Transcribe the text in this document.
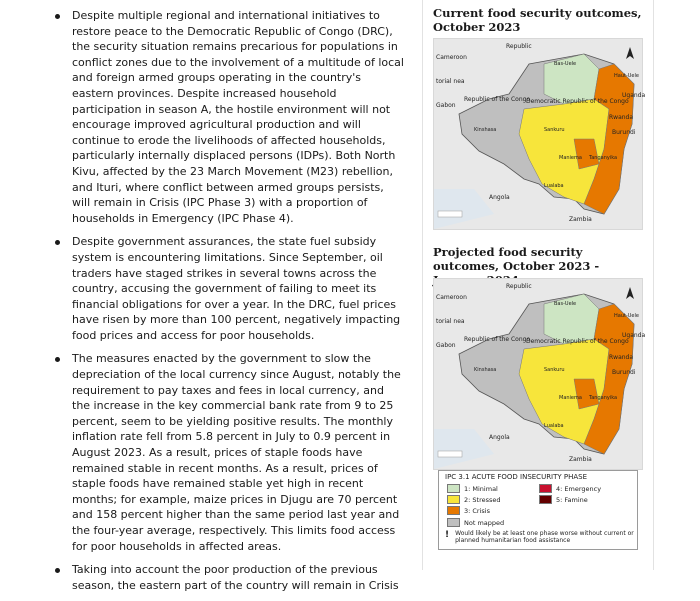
Despite multiple regional and international initiatives to restore peace to the Democratic Republic of Congo (DRC), the security situation remains precarious for populations in conflict zones due to the involvement of a multitude of local and foreign armed groups operating in the country's eastern provinces. Despite increased household participation in season A, the hostile environment will not encourage improved agricultural production and will continue to erode the livelihoods of affected households, particularly internally displaced persons (IDPs). Both North Kivu, affected by the 23 March Movement (M23) rebellion, and Ituri, where conflict between armed groups persists, will remain in Crisis (IPC Phase 3) with a proportion of households in Emergency (IPC Phase 4).

Despite government assurances, the state fuel subsidy system is encountering limitations. Since September, oil traders have staged strikes in several towns across the country, accusing the government of failing to meet its financial obligations for over a year. In the DRC, fuel prices have risen by more than 100 percent, negatively impacting food prices and access for poor households.

The measures enacted by the government to slow the depreciation of the local currency since August, notably the requirement to pay taxes and fees in local currency, and the increase in the key commercial bank rate from 9 to 25 percent, seem to be yielding positive results. The monthly inflation rate fell from 5.8 percent in July to 0.9 percent in August 2023. As a result, prices of staple foods have remained stable in recent months. As a result, prices of staple foods have remained stable yet high in recent months; for example, maize prices in Djugu are 70 percent and 158 percent higher than the same period last year and the four-year average, respectively. This limits food access for poor households in affected areas.

Taking into account the poor production of the previous season, the eastern part of the country will remain in Crisis

Current food security outcomes, October 2023
Republic
Cameroon
torial nea
Gabon
Republic of the Congo
Democratic Republic of the Congo
Bas-Uele
Haut-Uele
Uganda
Rwanda
Burundi
Sankuru
Maniema Tanganyika
Lualaba
Angola
Zambia
Kinshasa
Projected food security outcomes, October 2023 -
Republic
Cameroon
torial nea
Gabon
Republic of the Congo
Democratic Republic of the Congo
Bas-Uele
Haut-Uele
Uganda
Rwanda
Burundi
Sankuru
Maniema Tanganyika
Lualaba
Angola
Zambia
Kinshasa
IPC 3.1 ACUTE FOOD INSECURITY PHASE
1: Minimal
2: Stressed
3: Crisis
4: Emergency
5: Famine
Not mapped
! Would likely be at least one phase worse without current or planned humanitarian food assistance
